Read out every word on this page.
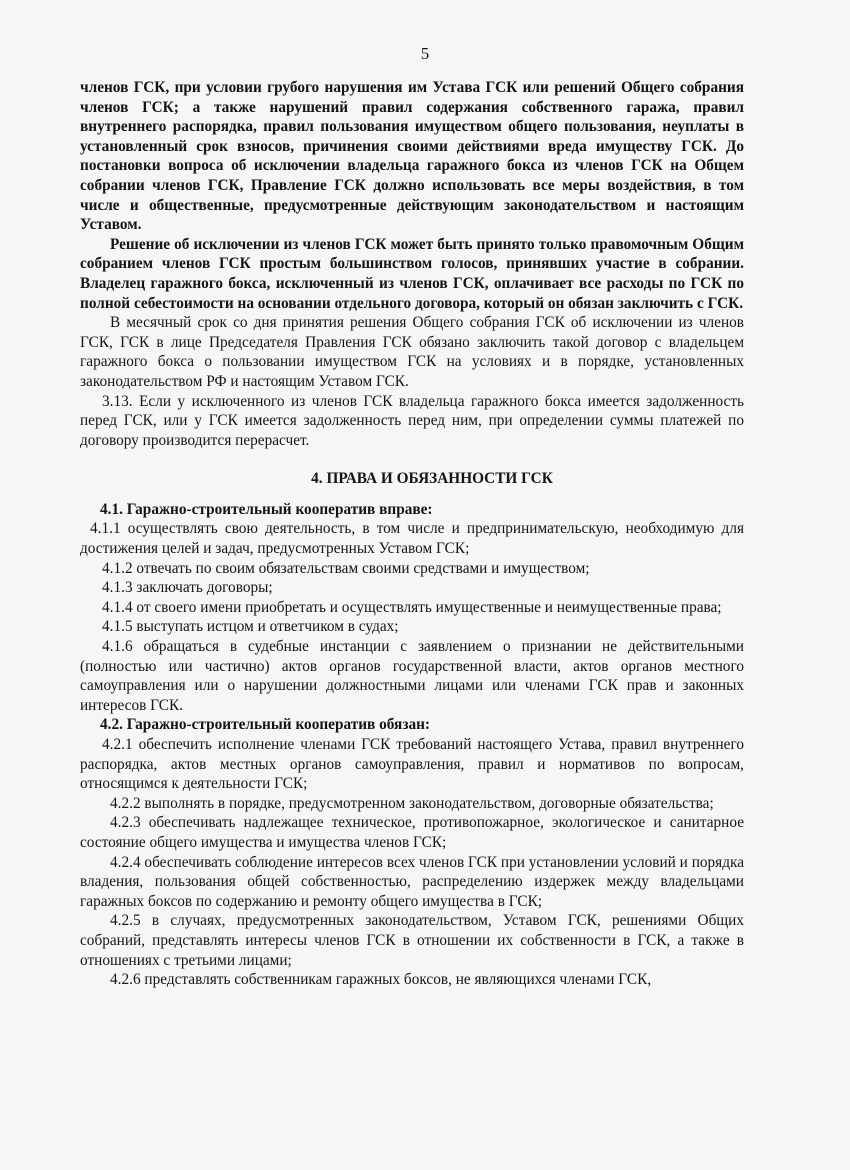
5

членов ГСК, при условии грубого нарушения им Устава ГСК или решений Общего собрания членов ГСК; а также нарушений правил содержания собственного гаража, правил внутреннего распорядка, правил пользования имуществом общего пользования, неуплаты в установленный срок взносов, причинения своими действиями вреда имуществу ГСК. До постановки вопроса об исключении владельца гаражного бокса из членов ГСК на Общем собрании членов ГСК, Правление ГСК должно использовать все меры воздействия, в том числе и общественные, предусмотренные действующим законодательством и настоящим Уставом.

Решение об исключении из членов ГСК может быть принято только правомочным Общим собранием членов ГСК простым большинством голосов, принявших участие в собрании. Владелец гаражного бокса, исключенный из членов ГСК, оплачивает все расходы по ГСК по полной себестоимости на основании отдельного договора, который он обязан заключить с ГСК.

В месячный срок со дня принятия решения Общего собрания ГСК об исключении из членов ГСК, ГСК в лице Председателя Правления ГСК обязано заключить такой договор с владельцем гаражного бокса о пользовании имуществом ГСК на условиях и в порядке, установленных законодательством РФ и настоящим Уставом ГСК.

3.13. Если у исключенного из членов ГСК владельца гаражного бокса имеется задолженность перед ГСК, или у ГСК имеется задолженность перед ним, при определении суммы платежей по договору производится перерасчет.

4. ПРАВА И ОБЯЗАННОСТИ ГСК

4.1. Гаражно-строительный кооператив вправе:

4.1.1 осуществлять свою деятельность, в том числе и предпринимательскую, необходимую для достижения целей и задач, предусмотренных Уставом ГСК;

4.1.2 отвечать по своим обязательствам своими средствами и имуществом;

4.1.3 заключать договоры;

4.1.4 от своего имени приобретать и осуществлять имущественные и неимущественные права;

4.1.5 выступать истцом и ответчиком в судах;

4.1.6 обращаться в судебные инстанции с заявлением о признании не действительными (полностью или частично) актов органов государственной власти, актов органов местного самоуправления или о нарушении должностными лицами или членами ГСК прав и законных интересов ГСК.

4.2. Гаражно-строительный кооператив обязан:

4.2.1 обеспечить исполнение членами ГСК требований настоящего Устава, правил внутреннего распорядка, актов местных органов самоуправления, правил и нормативов по вопросам, относящимся к деятельности ГСК;

4.2.2 выполнять в порядке, предусмотренном законодательством, договорные обязательства;

4.2.3 обеспечивать надлежащее техническое, противопожарное, экологическое и санитарное состояние общего имущества и имущества членов ГСК;

4.2.4 обеспечивать соблюдение интересов всех членов ГСК при установлении условий и порядка владения, пользования общей собственностью, распределению издержек между владельцами гаражных боксов по содержанию и ремонту общего имущества в ГСК;

4.2.5 в случаях, предусмотренных законодательством, Уставом ГСК, решениями Общих собраний, представлять интересы членов ГСК в отношении их собственности в ГСК, а также в отношениях с третьими лицами;

4.2.6 представлять собственникам гаражных боксов, не являющихся членами ГСК,
